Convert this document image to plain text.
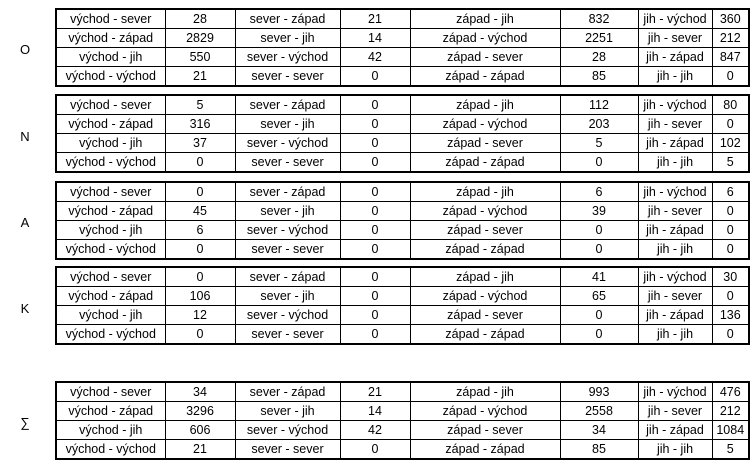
O
východ - sever	28	sever - západ	21	západ - jih	832	jih - východ	360
východ - západ	2829	sever - jih	14	západ - východ	2251	jih - sever	212
východ - jih	550	sever - východ	42	západ - sever	28	jih - západ	847
východ - východ	21	sever - sever	0	západ - západ	85	jih - jih	0
N
východ - sever	5	sever - západ	0	západ - jih	112	jih - východ	80
východ - západ	316	sever - jih	0	západ - východ	203	jih - sever	0
východ - jih	37	sever - východ	0	západ - sever	5	jih - západ	102
východ - východ	0	sever - sever	0	západ - západ	0	jih - jih	5
A
východ - sever	0	sever - západ	0	západ - jih	6	jih - východ	6
východ - západ	45	sever - jih	0	západ - východ	39	jih - sever	0
východ - jih	6	sever - východ	0	západ - sever	0	jih - západ	0
východ - východ	0	sever - sever	0	západ - západ	0	jih - jih	0
K
východ - sever	0	sever - západ	0	západ - jih	41	jih - východ	30
východ - západ	106	sever - jih	0	západ - východ	65	jih - sever	0
východ - jih	12	sever - východ	0	západ - sever	0	jih - západ	136
východ - východ	0	sever - sever	0	západ - západ	0	jih - jih	0
∑
východ - sever	34	sever - západ	21	západ - jih	993	jih - východ	476
východ - západ	3296	sever - jih	14	západ - východ	2558	jih - sever	212
východ - jih	606	sever - východ	42	západ - sever	34	jih - západ	1084
východ - východ	21	sever - sever	0	západ - západ	85	jih - jih	5
